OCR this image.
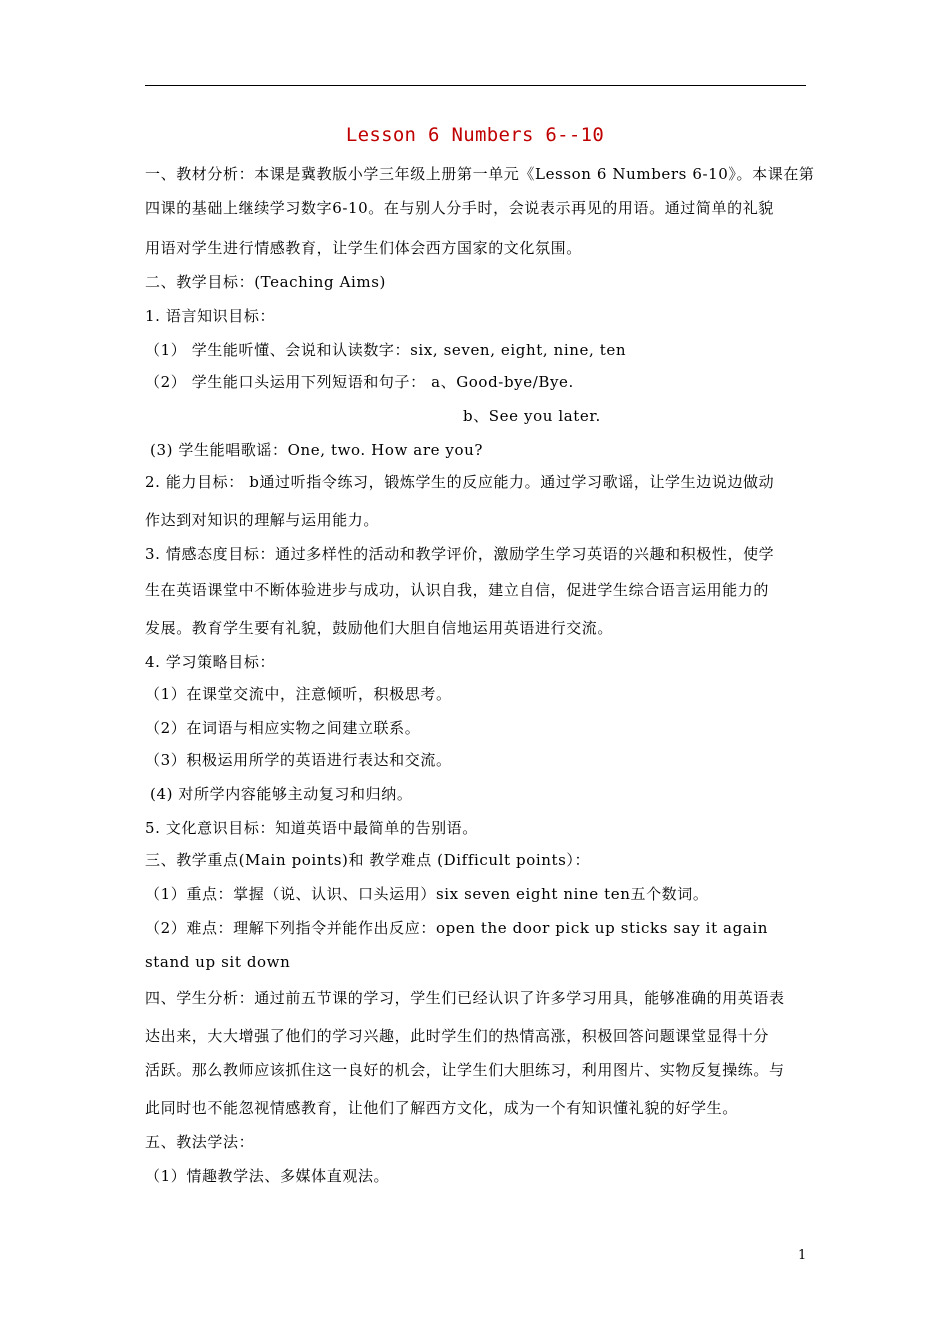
Lesson 6 Numbers 6--10
一、教材分析：本课是冀教版小学三年级上册第一单元《Lesson 6 Numbers 6-10》。本课在第
四课的基础上继续学习数字6-10。在与别人分手时，会说表示再见的用语。通过简单的礼貌
用语对学生进行情感教育，让学生们体会西方国家的文化氛围。
二、教学目标：(Teaching Aims)
1. 语言知识目标：
（1） 学生能听懂、会说和认读数字：six, seven, eight, nine, ten
（2） 学生能口头运用下列短语和句子： a、Good-bye/Bye.
b、See you later.
(3) 学生能唱歌谣：One, two. How are you?
2. 能力目标： b通过听指令练习，锻炼学生的反应能力。通过学习歌谣，让学生边说边做动
作达到对知识的理解与运用能力。
3. 情感态度目标：通过多样性的活动和教学评价，激励学生学习英语的兴趣和积极性，使学
生在英语课堂中不断体验进步与成功，认识自我，建立自信，促进学生综合语言运用能力的
发展。教育学生要有礼貌，鼓励他们大胆自信地运用英语进行交流。
4. 学习策略目标：
（1）在课堂交流中，注意倾听，积极思考。
（2）在词语与相应实物之间建立联系。
（3）积极运用所学的英语进行表达和交流。
(4) 对所学内容能够主动复习和归纳。
5. 文化意识目标：知道英语中最简单的告别语。
三、教学重点(Main points)和 教学难点 (Difficult points）：
（1）重点：掌握（说、认识、口头运用）six seven eight nine ten五个数词。
（2）难点：理解下列指令并能作出反应：open the door pick up sticks say it again
stand up sit down
四、学生分析：通过前五节课的学习，学生们已经认识了许多学习用具，能够准确的用英语表
达出来，大大增强了他们的学习兴趣，此时学生们的热情高涨，积极回答问题课堂显得十分
活跃。那么教师应该抓住这一良好的机会，让学生们大胆练习，利用图片、实物反复操练。与
此同时也不能忽视情感教育，让他们了解西方文化，成为一个有知识懂礼貌的好学生。
五、教法学法：
（1）情趣教学法、多媒体直观法。
1
